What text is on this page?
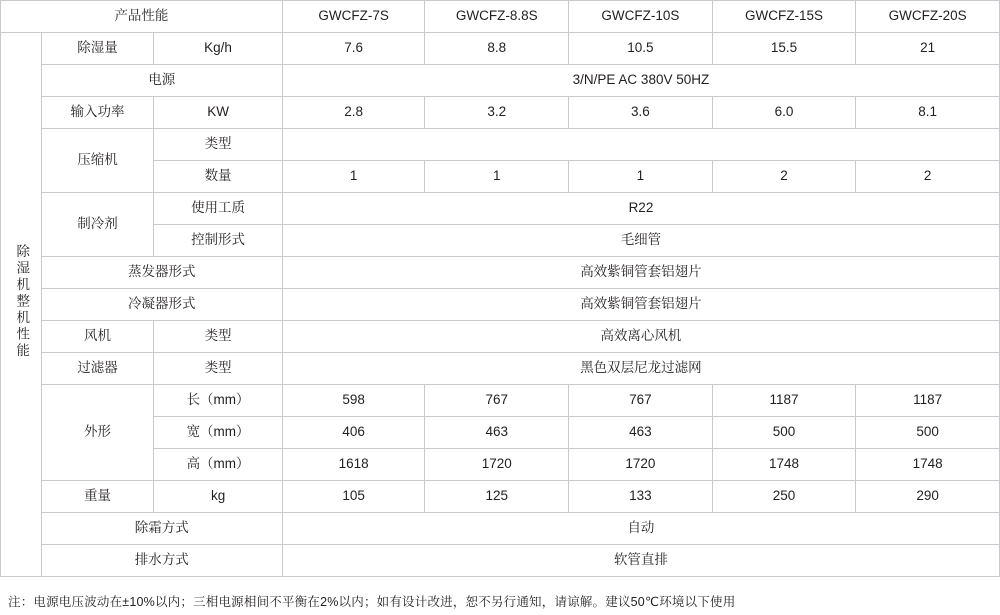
产品性能			GWCFZ-7S	GWCFZ-8.8S	GWCFZ-10S	GWCFZ-15S	GWCFZ-20S
除湿机整机性能	除湿量	Kg/h	7.6	8.8	10.5	15.5	21
	电源		3/N/PE AC 380V 50HZ				
	输入功率	KW	2.8	3.2	3.6	6.0	8.1
	压缩机	类型					
		数量	1	1	1	2	2
	制冷剂	使用工质	R22				
		控制形式	毛细管				
	蒸发器形式		高效紫铜管套铝翅片				
	冷凝器形式		高效紫铜管套铝翅片				
	风机	类型	高效离心风机				
	过滤器	类型	黑色双层尼龙过滤网				
	外形	长（mm）	598	767	767	1187	1187
		宽（mm）	406	463	463	500	500
		高（mm）	1618	1720	1720	1748	1748
	重量	kg	105	125	133	250	290
	除霜方式		自动				
	排水方式		软管直排				

注：电源电压波动在±10%以内；三相电源相间不平衡在2%以内；如有设计改进，恕不另行通知，请谅解。建议50℃环境以下使用
